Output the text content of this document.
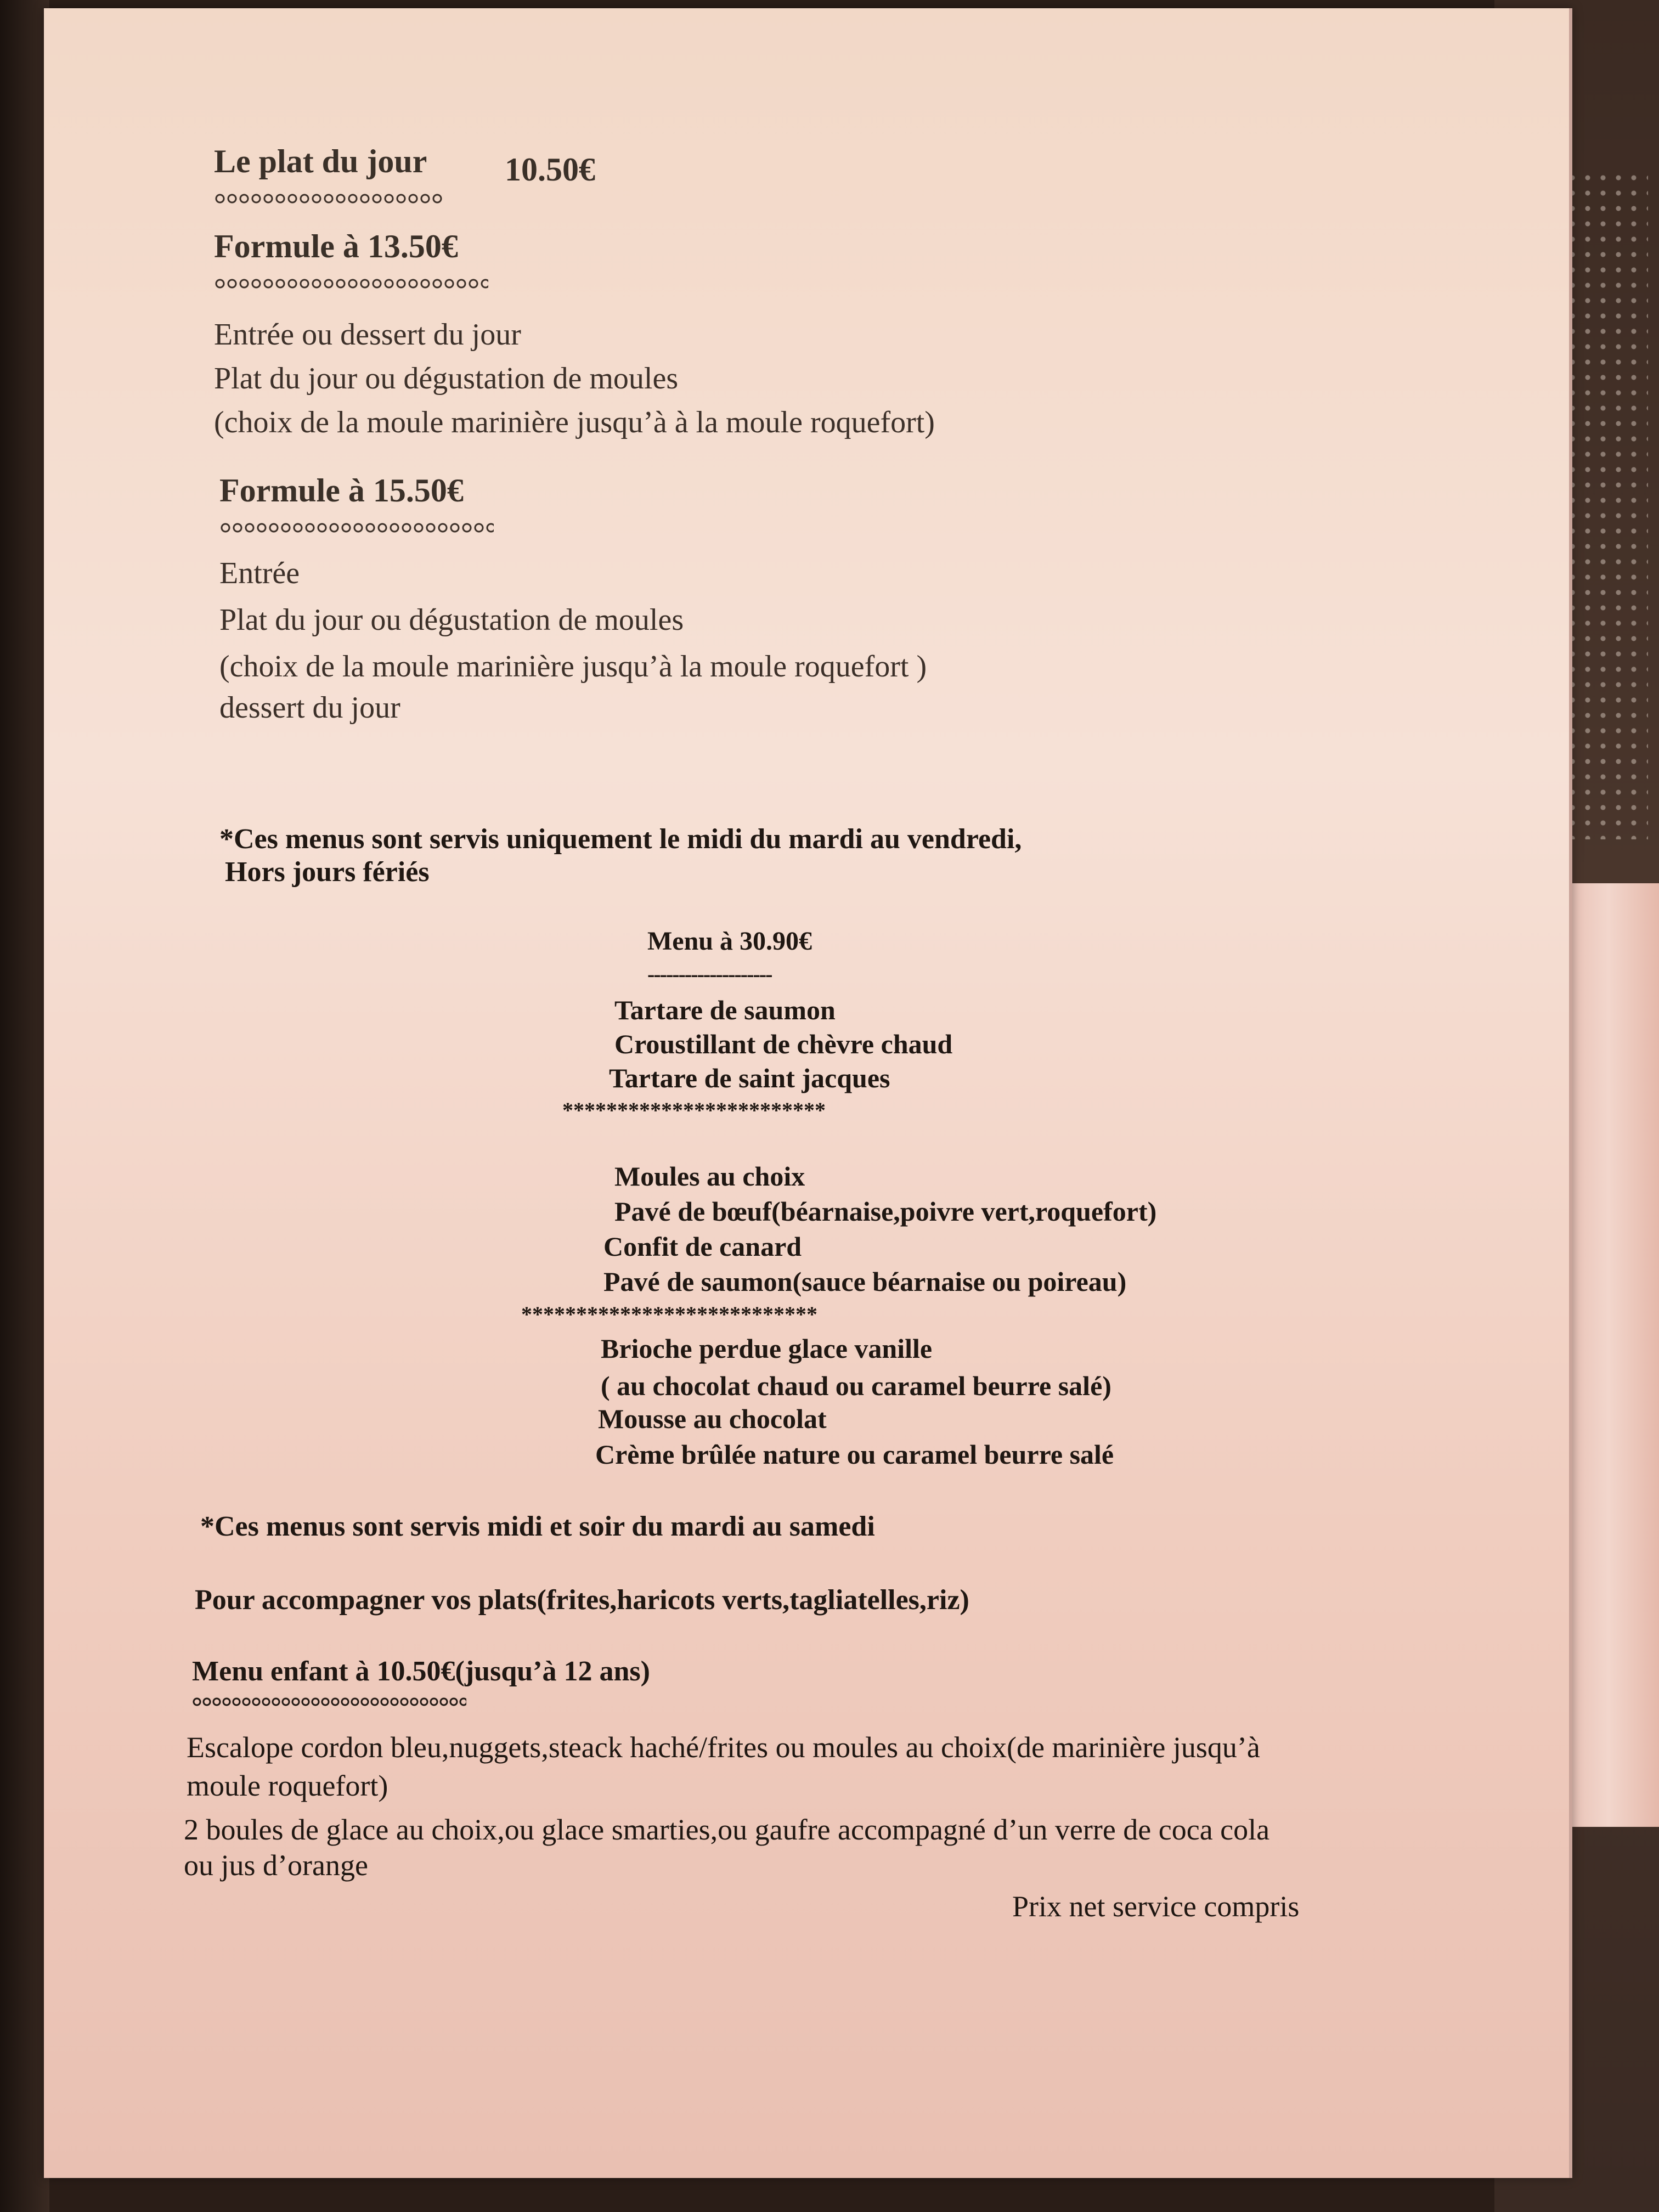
Le plat du jour 10.50€
Formule à 13.50€
Entrée ou dessert du jour
Plat du jour ou dégustation de moules
(choix de la moule marinière jusqu’à à la moule roquefort)
Formule à 15.50€
Entrée
Plat du jour ou dégustation de moules
(choix de la moule marinière jusqu’à la moule roquefort )
dessert du jour
*Ces menus sont servis uniquement le midi du mardi au vendredi,
Hors jours fériés
Menu à 30.90€
--------------------
Tartare de saumon
Croustillant de chèvre chaud
Tartare de saint jacques
************************
Moules au choix
Pavé de bœuf(béarnaise,poivre vert,roquefort)
Confit de canard
Pavé de saumon(sauce béarnaise ou poireau)
***************************
Brioche perdue glace vanille
( au chocolat chaud ou caramel beurre salé)
Mousse au chocolat
Crème brûlée nature ou caramel beurre salé
*Ces menus sont servis midi et soir du mardi au samedi
Pour accompagner vos plats(frites,haricots verts,tagliatelles,riz)
Menu enfant à 10.50€(jusqu’à 12 ans)
Escalope cordon bleu,nuggets,steack haché/frites ou moules au choix(de marinière jusqu’à
moule roquefort)
2 boules de glace au choix,ou glace smarties,ou gaufre accompagné d’un verre de coca cola
ou jus d’orange
Prix net service compris
